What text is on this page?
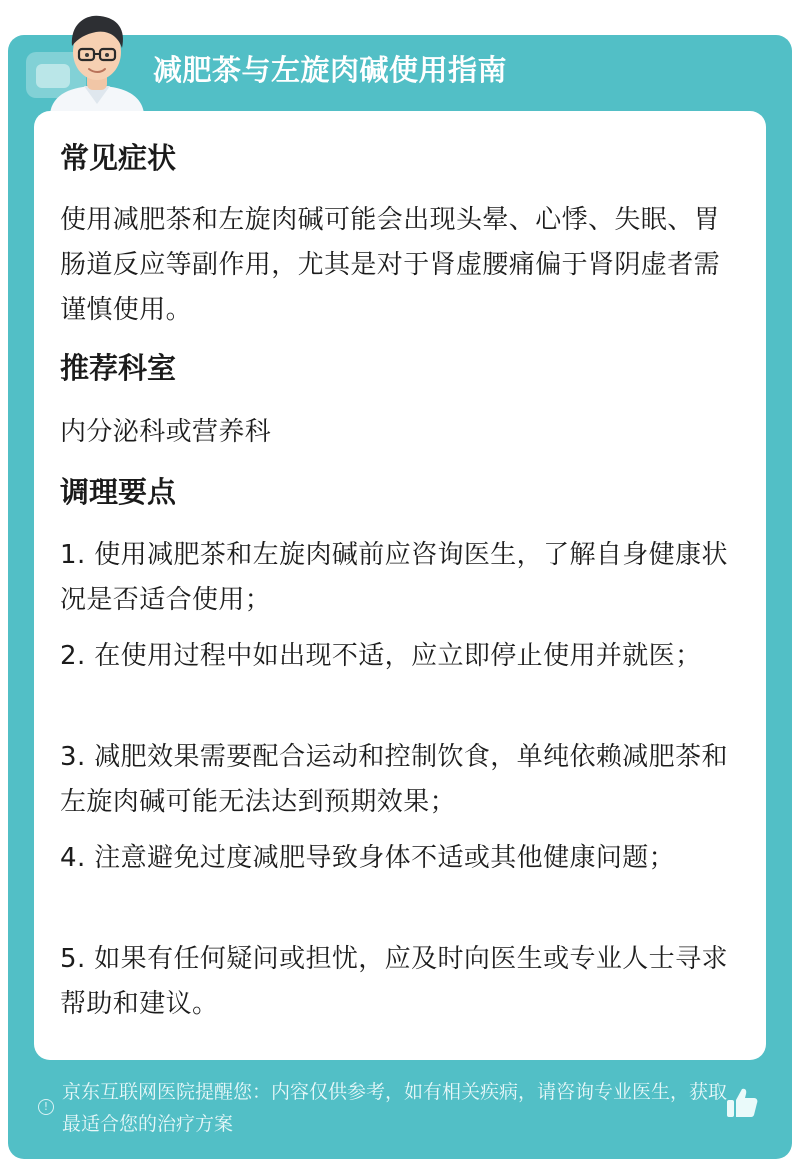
减肥茶与左旋肉碱使用指南
常见症状
使用减肥茶和左旋肉碱可能会出现头晕、心悸、失眠、胃肠道反应等副作用，尤其是对于肾虚腰痛偏于肾阴虚者需谨慎使用。
推荐科室
内分泌科或营养科
调理要点
1. 使用减肥茶和左旋肉碱前应咨询医生，了解自身健康状况是否适合使用；
2. 在使用过程中如出现不适，应立即停止使用并就医；
3. 减肥效果需要配合运动和控制饮食，单纯依赖减肥茶和左旋肉碱可能无法达到预期效果；
4. 注意避免过度减肥导致身体不适或其他健康问题；
5. 如果有任何疑问或担忧，应及时向医生或专业人士寻求帮助和建议。
!
京东互联网医院提醒您：内容仅供参考，如有相关疾病，请咨询专业医生，获取最适合您的治疗方案
